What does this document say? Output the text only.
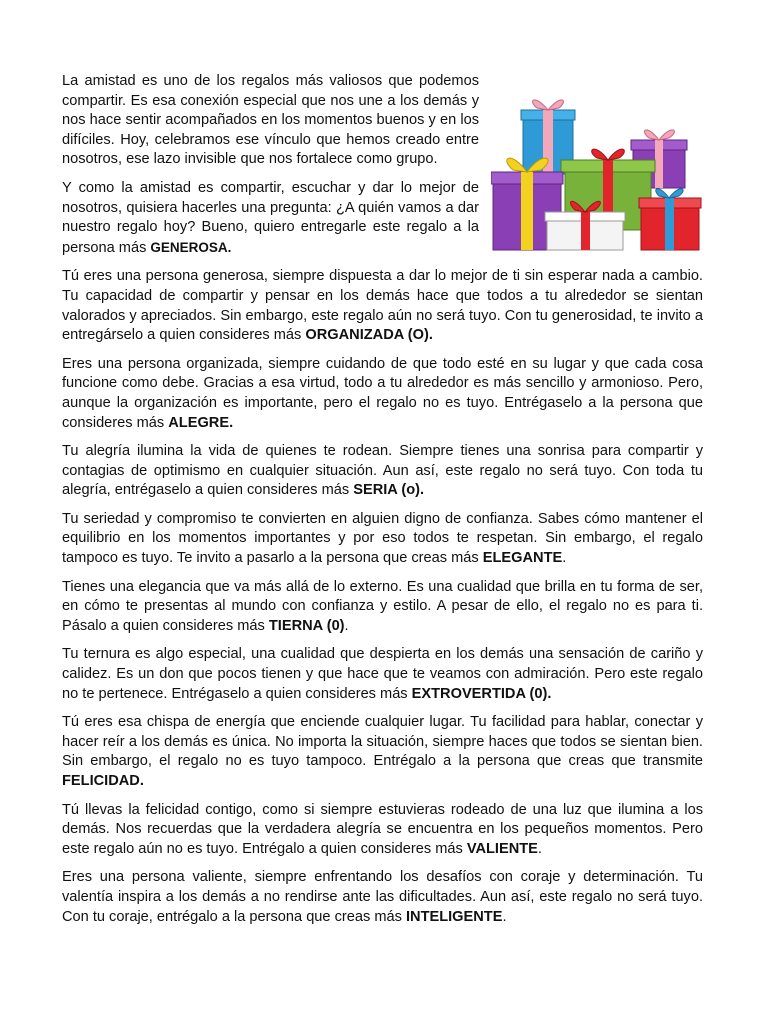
La amistad es uno de los regalos más valiosos que podemos compartir. Es esa conexión especial que nos une a los demás y nos hace sentir acompañados en los momentos buenos y en los difíciles. Hoy, celebramos ese vínculo que hemos creado entre nosotros, ese lazo invisible que nos fortalece como grupo.

Y como la amistad es compartir, escuchar y dar lo mejor de nosotros, quisiera hacerles una pregunta: ¿A quién vamos a dar nuestro regalo hoy? Bueno, quiero entregarle este regalo a la persona más GENEROSA.

Tú eres una persona generosa, siempre dispuesta a dar lo mejor de ti sin esperar nada a cambio. Tu capacidad de compartir y pensar en los demás hace que todos a tu alrededor se sientan valorados y apreciados. Sin embargo, este regalo aún no será tuyo. Con tu generosidad, te invito a entregárselo a quien consideres más ORGANIZADA (O).

Eres una persona organizada, siempre cuidando de que todo esté en su lugar y que cada cosa funcione como debe. Gracias a esa virtud, todo a tu alrededor es más sencillo y armonioso. Pero, aunque la organización es importante, pero el regalo no es tuyo. Entrégaselo a la persona que consideres más ALEGRE.

Tu alegría ilumina la vida de quienes te rodean. Siempre tienes una sonrisa para compartir y contagias de optimismo en cualquier situación. Aun así, este regalo no será tuyo. Con toda tu alegría, entrégaselo a quien consideres más SERIA (o).

Tu seriedad y compromiso te convierten en alguien digno de confianza. Sabes cómo mantener el equilibrio en los momentos importantes y por eso todos te respetan. Sin embargo, el regalo tampoco es tuyo. Te invito a pasarlo a la persona que creas más ELEGANTE.

Tienes una elegancia que va más allá de lo externo. Es una cualidad que brilla en tu forma de ser, en cómo te presentas al mundo con confianza y estilo. A pesar de ello, el regalo no es para ti. Pásalo a quien consideres más TIERNA (0).

Tu ternura es algo especial, una cualidad que despierta en los demás una sensación de cariño y calidez. Es un don que pocos tienen y que hace que te veamos con admiración. Pero este regalo no te pertenece. Entrégaselo a quien consideres más EXTROVERTIDA (0).

Tú eres esa chispa de energía que enciende cualquier lugar. Tu facilidad para hablar, conectar y hacer reír a los demás es única. No importa la situación, siempre haces que todos se sientan bien. Sin embargo, el regalo no es tuyo tampoco. Entrégalo a la persona que creas que transmite FELICIDAD.

Tú llevas la felicidad contigo, como si siempre estuvieras rodeado de una luz que ilumina a los demás. Nos recuerdas que la verdadera alegría se encuentra en los pequeños momentos. Pero este regalo aún no es tuyo. Entrégalo a quien consideres más VALIENTE.

Eres una persona valiente, siempre enfrentando los desafíos con coraje y determinación. Tu valentía inspira a los demás a no rendirse ante las dificultades. Aun así, este regalo no será tuyo. Con tu coraje, entrégalo a la persona que creas más INTELIGENTE.
